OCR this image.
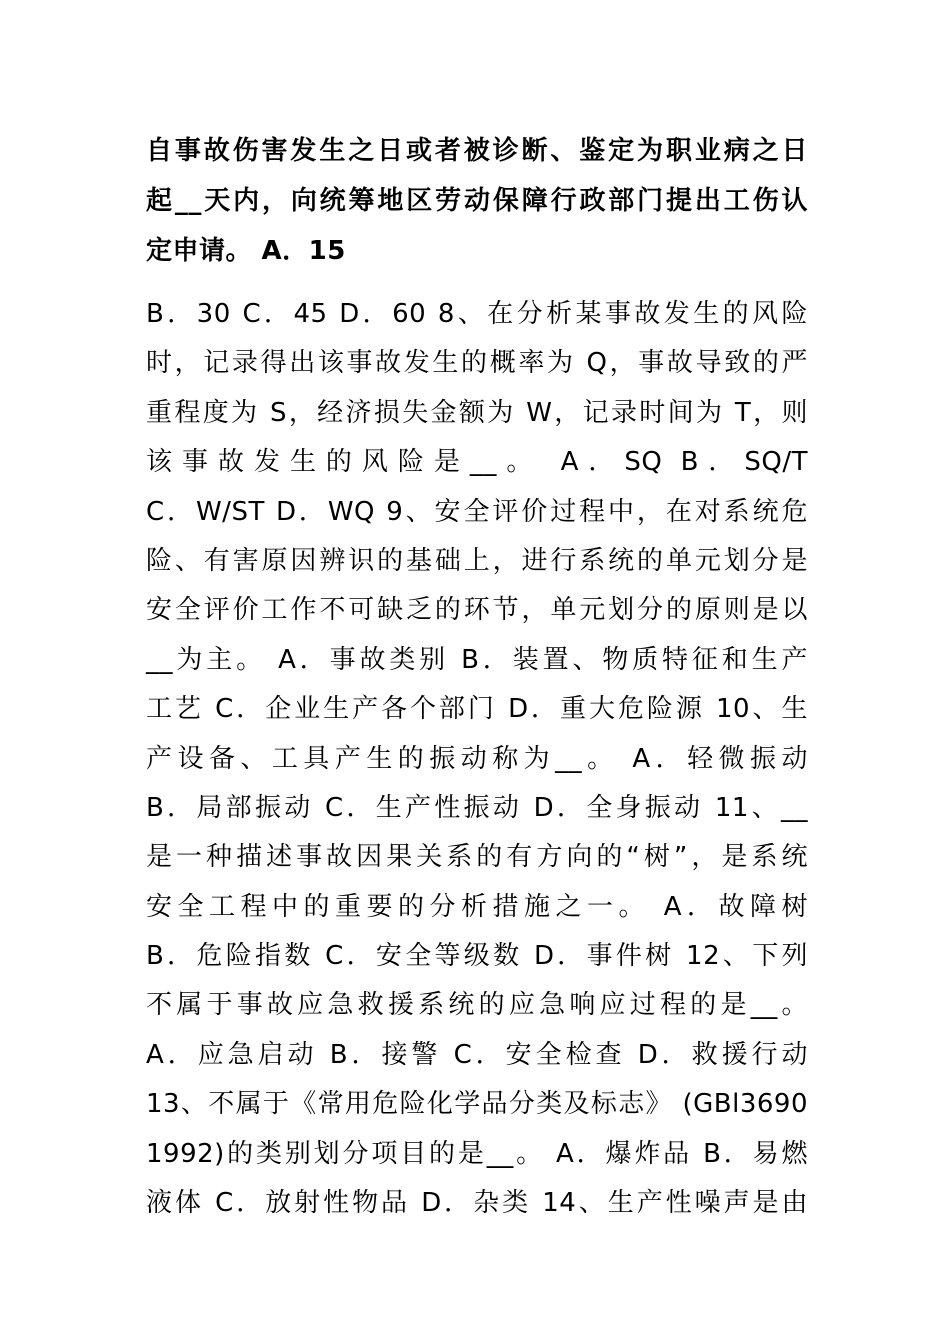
自事故伤害发生之日或者被诊断、鉴定为职业病之日
起__天内，向统筹地区劳动保障行政部门提出工伤认
定申请。 A．15
B．30 C．45 D．60 8、在分析某事故发生的风险
时，记录得出该事故发生的概率为 Q，事故导致的严
重程度为 S，经济损失金额为 W，记录时间为 T，则
该事故发生的风险是__。 A．SQ B．SQ/T
C．W/ST D．WQ 9、安全评价过程中，在对系统危
险、有害原因辨识的基础上，进行系统的单元划分是
安全评价工作不可缺乏的环节，单元划分的原则是以
__为主。 A．事故类别 B．装置、物质特征和生产
工艺 C．企业生产各个部门 D．重大危险源 10、生
产设备、工具产生的振动称为__。 A．轻微振动
B．局部振动 C．生产性振动 D．全身振动 11、__
是一种描述事故因果关系的有方向的“树”，是系统
安全工程中的重要的分析措施之一。 A．故障树
B．危险指数 C．安全等级数 D．事件树 12、下列
不属于事故应急救援系统的应急响应过程的是__。
A．应急启动 B．接警 C．安全检查 D．救援行动
13、不属于《常用危险化学品分类及标志》 (GBl3690
1992)的类别划分项目的是__。 A．爆炸品 B．易燃
液体 C．放射性物品 D．杂类 14、生产性噪声是由
